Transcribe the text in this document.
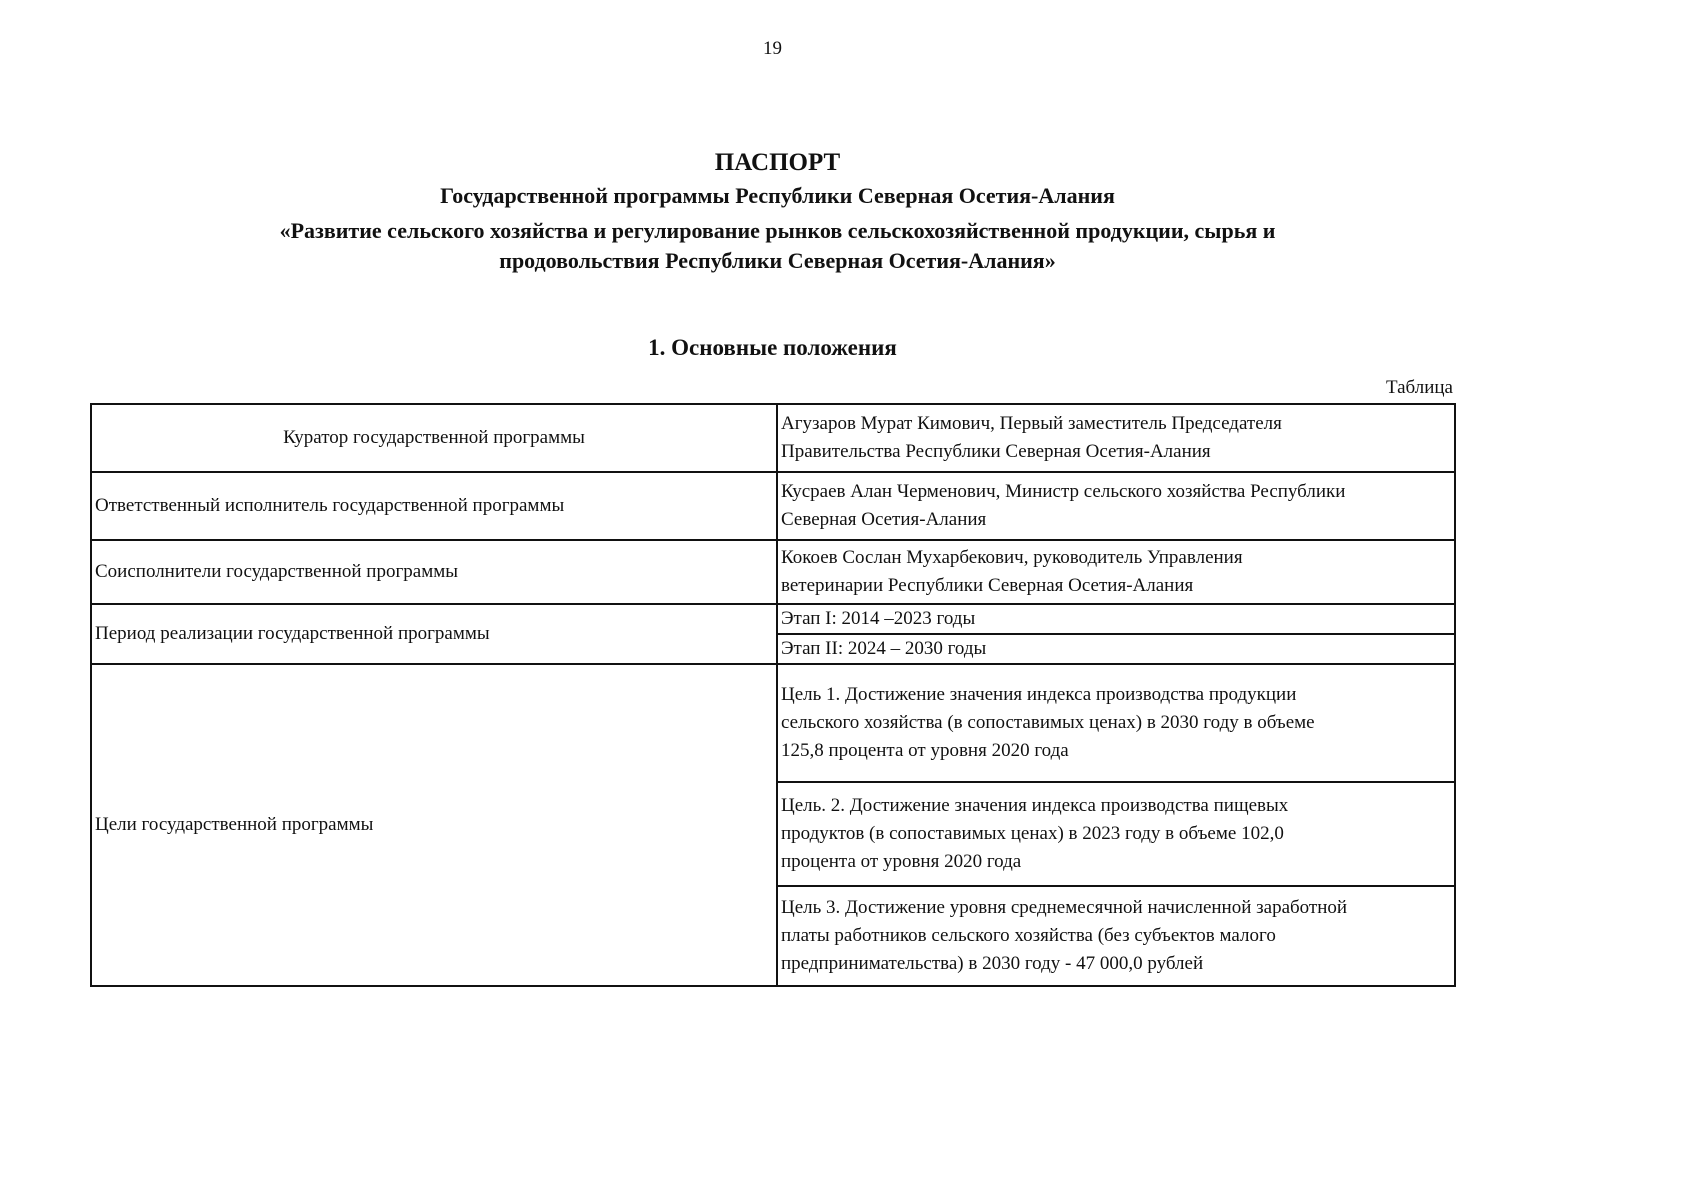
19
ПАСПОРТ
Государственной программы Республики Северная Осетия-Алания
«Развитие сельского хозяйства и регулирование рынков сельскохозяйственной продукции, сырья и
продовольствия Республики Северная Осетия-Алания»
1. Основные положения
Таблица
Куратор государственной программы	Агузаров Мурат Кимович, Первый заместитель Председателя
Правительства Республики Северная Осетия-Алания

Ответственный исполнитель государственной программы	Кусраев Алан Черменович, Министр сельского хозяйства Республики
Северная Осетия-Алания

Соисполнители государственной программы	Кокоев Сослан Мухарбекович, руководитель Управления
ветеринарии Республики Северная Осетия-Алания

Период реализации государственной программы	Этап I: 2014 –2023 годы
	Этап II: 2024 – 2030 годы
Цели государственной программы	Цель 1. Достижение значения индекса производства продукции
сельского хозяйства (в сопоставимых ценах) в 2030 году в объеме
125,8 процента от уровня 2020 года

	Цель. 2. Достижение значения индекса производства пищевых
продуктов (в сопоставимых ценах) в 2023 году в объеме 102,0
процента от уровня 2020 года

	Цель 3. Достижение уровня среднемесячной начисленной заработной
платы работников сельского хозяйства (без субъектов малого
предпринимательства) в 2030 году - 47 000,0 рублей
